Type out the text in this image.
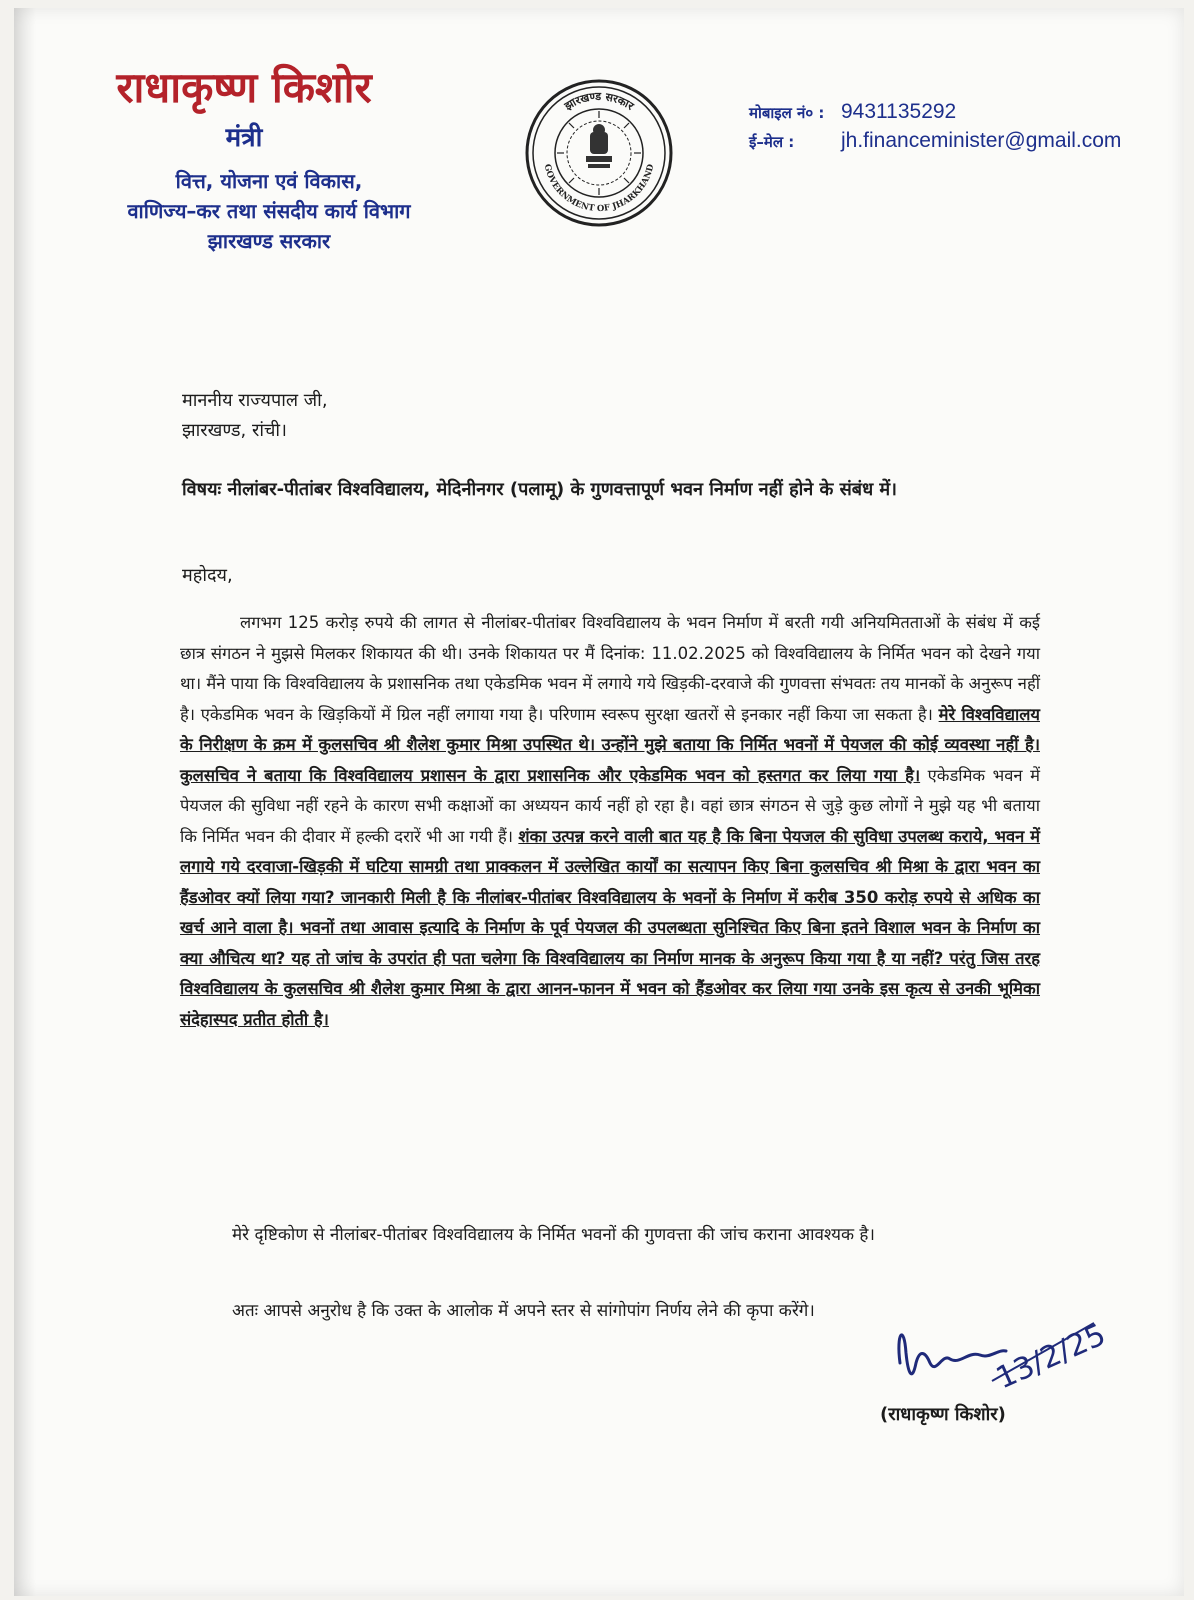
राधाकृष्ण किशोर
मंत्री
वित्त, योजना एवं विकास,
वाणिज्य–कर तथा संसदीय कार्य विभाग
झारखण्ड सरकार
झारखण्ड सरकार
GOVERNMENT OF JHARKHAND
मोबाइल नं० : 9431135292
ई–मेल : jh.financeminister@gmail.com
माननीय राज्यपाल जी,
झारखण्ड, रांची।
विषयः नीलांबर-पीतांबर विश्वविद्यालय, मेदिनीनगर (पलामू) के गुणवत्तापूर्ण भवन निर्माण नहीं होने के संबंध में।
महोदय,

लगभग 125 करोड़ रुपये की लागत से नीलांबर-पीतांबर विश्वविद्यालय के भवन निर्माण में बरती गयी अनियमितताओं के संबंध में कई छात्र संगठन ने मुझसे मिलकर शिकायत की थी। उनके शिकायत पर मैं दिनांक: 11.02.2025 को विश्वविद्यालय के निर्मित भवन को देखने गया था। मैंने पाया कि विश्वविद्यालय के प्रशासनिक तथा एकेडमिक भवन में लगाये गये खिड़की-दरवाजे की गुणवत्ता संभवतः तय मानकों के अनुरूप नहीं है। एकेडमिक भवन के खिड़कियों में ग्रिल नहीं लगाया गया है। परिणाम स्वरूप सुरक्षा खतरों से इनकार नहीं किया जा सकता है। मेरे विश्वविद्यालय के निरीक्षण के क्रम में कुलसचिव श्री शैलेश कुमार मिश्रा उपस्थित थे। उन्होंने मुझे बताया कि निर्मित भवनों में पेयजल की कोई व्यवस्था नहीं है। कुलसचिव ने बताया कि विश्वविद्यालय प्रशासन के द्वारा प्रशासनिक और एकेडमिक भवन को हस्तगत कर लिया गया है। एकेडमिक भवन में पेयजल की सुविधा नहीं रहने के कारण सभी कक्षाओं का अध्ययन कार्य नहीं हो रहा है। वहां छात्र संगठन से जुड़े कुछ लोगों ने मुझे यह भी बताया कि निर्मित भवन की दीवार में हल्की दरारें भी आ गयी हैं। शंका उत्पन्न करने वाली बात यह है कि बिना पेयजल की सुविधा उपलब्ध कराये, भवन में लगाये गये दरवाजा-खिड़की में घटिया सामग्री तथा प्राक्कलन में उल्लेखित कार्यों का सत्यापन किए बिना कुलसचिव श्री मिश्रा के द्वारा भवन का हैंडओवर क्यों लिया गया? जानकारी मिली है कि नीलांबर-पीतांबर विश्वविद्यालय के भवनों के निर्माण में करीब 350 करोड़ रुपये से अधिक का खर्च आने वाला है। भवनों तथा आवास इत्यादि के निर्माण के पूर्व पेयजल की उपलब्धता सुनिश्चित किए बिना इतने विशाल भवन के निर्माण का क्या औचित्य था? यह तो जांच के उपरांत ही पता चलेगा कि विश्वविद्यालय का निर्माण मानक के अनुरूप किया गया है या नहीं? परंतु जिस तरह विश्वविद्यालय के कुलसचिव श्री शैलेश कुमार मिश्रा के द्वारा आनन-फानन में भवन को हैंडओवर कर लिया गया उनके इस कृत्य से उनकी भूमिका संदेहास्पद प्रतीत होती है।

मेरे दृष्टिकोण से नीलांबर-पीतांबर विश्वविद्यालय के निर्मित भवनों की गुणवत्ता की जांच कराना आवश्यक है।

अतः आपसे अनुरोध है कि उक्त के आलोक में अपने स्तर से सांगोपांग निर्णय लेने की कृपा करेंगे।

13/2/25
(राधाकृष्ण किशोर)
